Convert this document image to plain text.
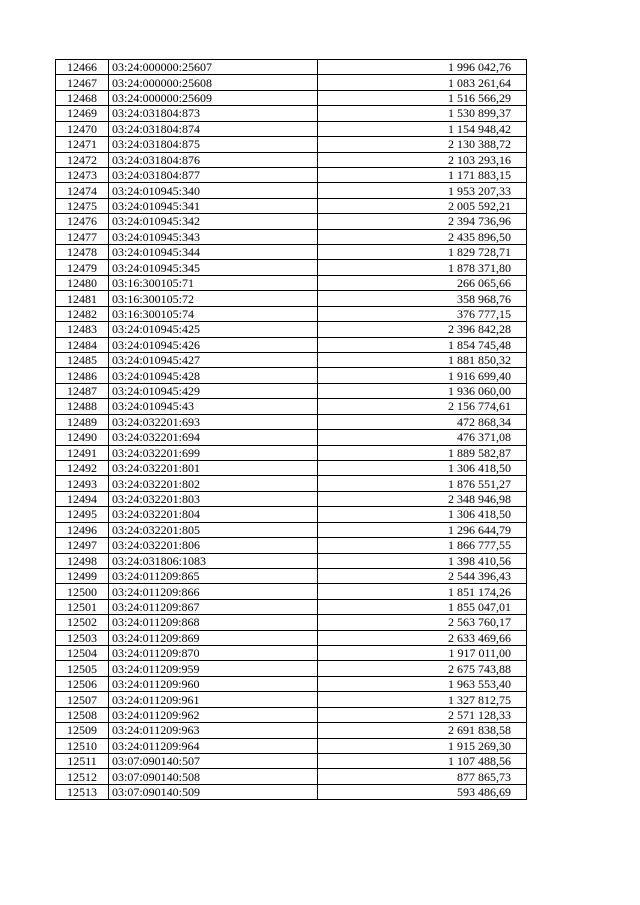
12466	03:24:000000:25607	1 996 042,76
12467	03:24:000000:25608	1 083 261,64
12468	03:24:000000:25609	1 516 566,29
12469	03:24:031804:873	1 530 899,37
12470	03:24:031804:874	1 154 948,42
12471	03:24:031804:875	2 130 388,72
12472	03:24:031804:876	2 103 293,16
12473	03:24:031804:877	1 171 883,15
12474	03:24:010945:340	1 953 207,33
12475	03:24:010945:341	2 005 592,21
12476	03:24:010945:342	2 394 736,96
12477	03:24:010945:343	2 435 896,50
12478	03:24:010945:344	1 829 728,71
12479	03:24:010945:345	1 878 371,80
12480	03:16:300105:71	266 065,66
12481	03:16:300105:72	358 968,76
12482	03:16:300105:74	376 777,15
12483	03:24:010945:425	2 396 842,28
12484	03:24:010945:426	1 854 745,48
12485	03:24:010945:427	1 881 850,32
12486	03:24:010945:428	1 916 699,40
12487	03:24:010945:429	1 936 060,00
12488	03:24:010945:43	2 156 774,61
12489	03:24:032201:693	472 868,34
12490	03:24:032201:694	476 371,08
12491	03:24:032201:699	1 889 582,87
12492	03:24:032201:801	1 306 418,50
12493	03:24:032201:802	1 876 551,27
12494	03:24:032201:803	2 348 946,98
12495	03:24:032201:804	1 306 418,50
12496	03:24:032201:805	1 296 644,79
12497	03:24:032201:806	1 866 777,55
12498	03:24:031806:1083	1 398 410,56
12499	03:24:011209:865	2 544 396,43
12500	03:24:011209:866	1 851 174,26
12501	03:24:011209:867	1 855 047,01
12502	03:24:011209:868	2 563 760,17
12503	03:24:011209:869	2 633 469,66
12504	03:24:011209:870	1 917 011,00
12505	03:24:011209:959	2 675 743,88
12506	03:24:011209:960	1 963 553,40
12507	03:24:011209:961	1 327 812,75
12508	03:24:011209:962	2 571 128,33
12509	03:24:011209:963	2 691 838,58
12510	03:24:011209:964	1 915 269,30
12511	03:07:090140:507	1 107 488,56
12512	03:07:090140:508	877 865,73
12513	03:07:090140:509	593 486,69
